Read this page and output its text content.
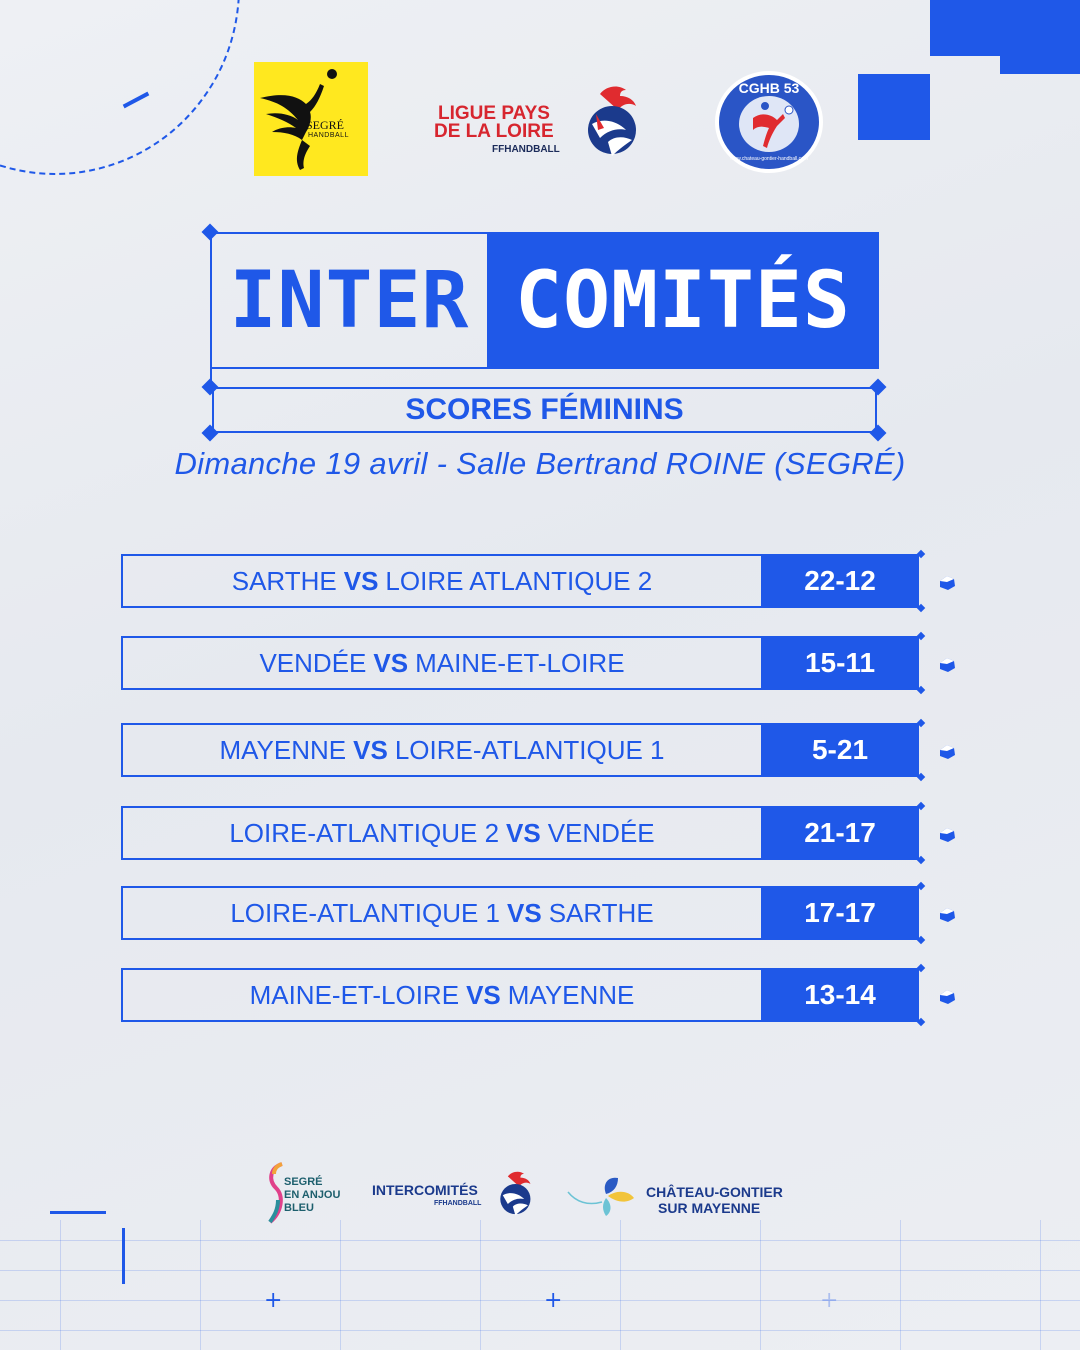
SEGRÉ
HANDBALL
LIGUE PAYS
DE LA LOIRE
FFHANDBALL
CGHB 53
www.chateau-gontier-handball.com
INTER COMITÉS
SCORES FÉMININS
Dimanche 19 avril - Salle Bertrand ROINE (SEGRÉ)
SARTHE VS LOIRE ATLANTIQUE 2	22-12
VENDÉE VS MAINE-ET-LOIRE	15-11
MAYENNE VS LOIRE-ATLANTIQUE 1	5-21
LOIRE-ATLANTIQUE 2 VS VENDÉE	21-17
LOIRE-ATLANTIQUE 1 VS SARTHE	17-17
MAINE-ET-LOIRE VS MAYENNE	13-14
+	+	+
SEGRÉ
EN ANJOU
BLEU
INTERCOMITÉS
FFHANDBALL
CHÂTEAU-GONTIER
SUR MAYENNE
